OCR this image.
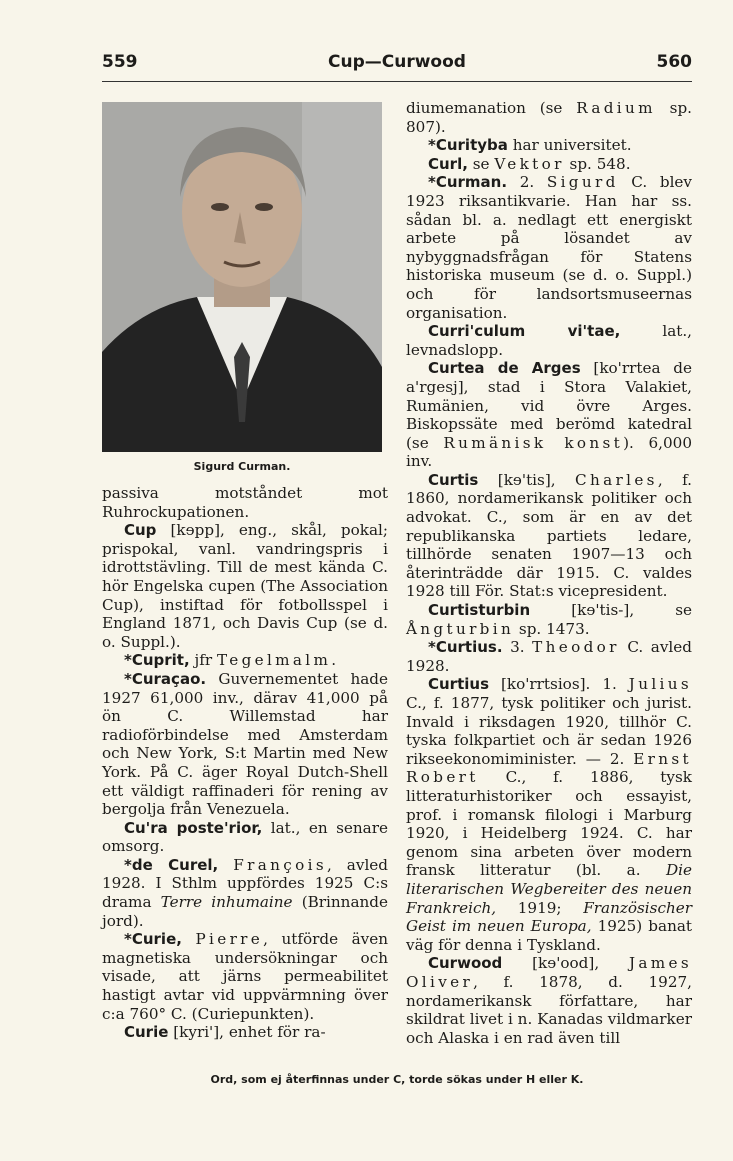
559	Cup—Curwood	560
Sigurd Curman.

passiva motståndet mot Ruhrockupationen.

Cup [kɘpp], eng., skål, pokal; prispokal, vanl. vandringspris i idrottstävling. Till de mest kända C. hör Engelska cupen (The Association Cup), instiftad för fotbollsspel i England 1871, och Davis Cup (se d. o. Suppl.).

*Cuprit, jfr Tegelmalm.

*Curaçao. Guvernementet hade 1927 61,000 inv., därav 41,000 på ön C. Willemstad har radioförbindelse med Amsterdam och New York, S:t Martin med New York. På C. äger Royal Dutch-Shell ett väldigt raffinaderi för rening av bergolja från Venezuela.

Cu'ra poste'rior, lat., en senare omsorg.

*de Curel, François, avled 1928. I Sthlm uppfördes 1925 C:s drama Terre inhumaine (Brinnande jord).

*Curie, Pierre, utförde även magnetiska undersökningar och visade, att järns permeabilitet hastigt avtar vid uppvärmning över c:a 760° C. (Curiepunkten).

Curie [kyri'], enhet för ra-

diumemanation (se Radium sp. 807).

*Curityba har universitet.

Curl, se Vektor sp. 548.

*Curman. 2. Sigurd C. blev 1923 riksantikvarie. Han har ss. sådan bl. a. nedlagt ett energiskt arbete på lösandet av nybyggnadsfrågan för Statens historiska museum (se d. o. Suppl.) och för landsortsmuseernas organisation.

Curri'culum vi'tae, lat., levnadslopp.

Curtea de Arges [ko'rrtea de a'rgesj], stad i Stora Valakiet, Rumänien, vid övre Arges. Biskopssäte med berömd katedral (se Rumänisk konst). 6,000 inv.

Curtis [kɘ'tis], Charles, f. 1860, nordamerikansk politiker och advokat. C., som är en av det republikanska partiets ledare, tillhörde senaten 1907—13 och återinträdde där 1915. C. valdes 1928 till För. Stat:s vicepresident.

Curtisturbin [kɘ'tis-], se Ångturbin sp. 1473.

*Curtius. 3. Theodor C. avled 1928.

Curtius [ko'rrtsios]. 1. Julius C., f. 1877, tysk politiker och jurist. Invald i riksdagen 1920, tillhör C. tyska folkpartiet och är sedan 1926 rikseekonomiminister. — 2. Ernst Robert C., f. 1886, tysk litteraturhistoriker och essayist, prof. i romansk filologi i Marburg 1920, i Heidelberg 1924. C. har genom sina arbeten över modern fransk litteratur (bl. a. Die literarischen Wegbereiter des neuen Frankreich, 1919; Französischer Geist im neuen Europa, 1925) banat väg för denna i Tyskland.

Curwood [kɘ'ood], James Oliver, f. 1878, d. 1927, nordamerikansk författare, har skildrat livet i n. Kanadas vildmarker och Alaska i en rad även till

Ord, som ej återfinnas under C, torde sökas under H eller K.
